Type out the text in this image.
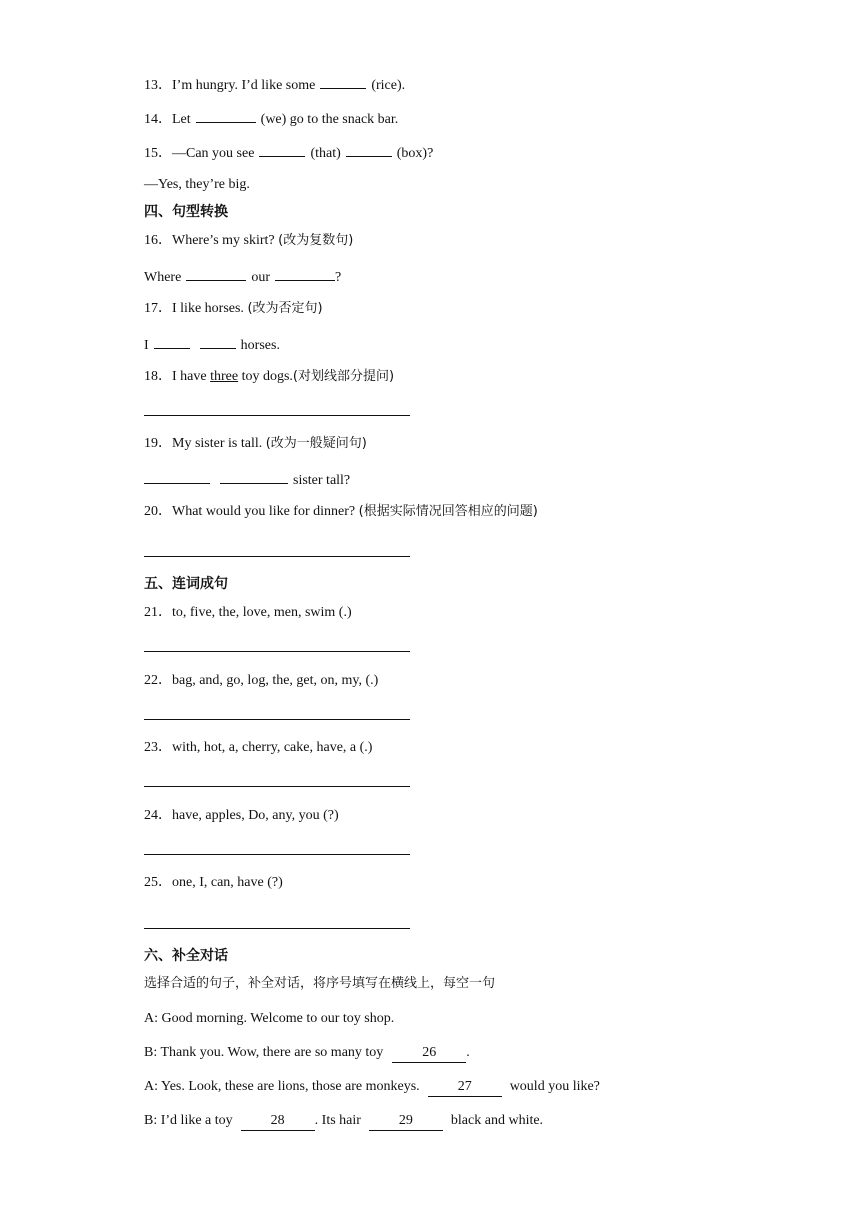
13．I’m hungry. I’d like some	(rice).
14．Let	(we) go to the snack bar.
15．—Can you see	(that)	(box)?
—Yes, they’re big.
四、句型转换
16．Where’s my skirt? (改为复数句)
Where	our	?
17．I like horses. (改为否定句)
I	horses.
18．I have three toy dogs.(对划线部分提问)
19．My sister is tall. (改为一般疑问句)
sister tall?
20．What would you like for dinner? (根据实际情况回答相应的问题)
五、连词成句
21．to, five, the, love, men, swim (.)
22．bag, and, go, log, the, get, on, my, (.)
23．with, hot, a, cherry, cake, have, a (.)
24．have, apples, Do, any, you (?)
25．one, I, can, have (?)
六、补全对话
选择合适的句子，补全对话，将序号填写在横线上，每空一句
A: Good morning. Welcome to our toy shop.
B: Thank you. Wow, there are so many toy	26 .
A: Yes. Look, these are lions, those are monkeys.	27	would you like?
B: I’d like a toy	28 . Its hair	29	black and white.
